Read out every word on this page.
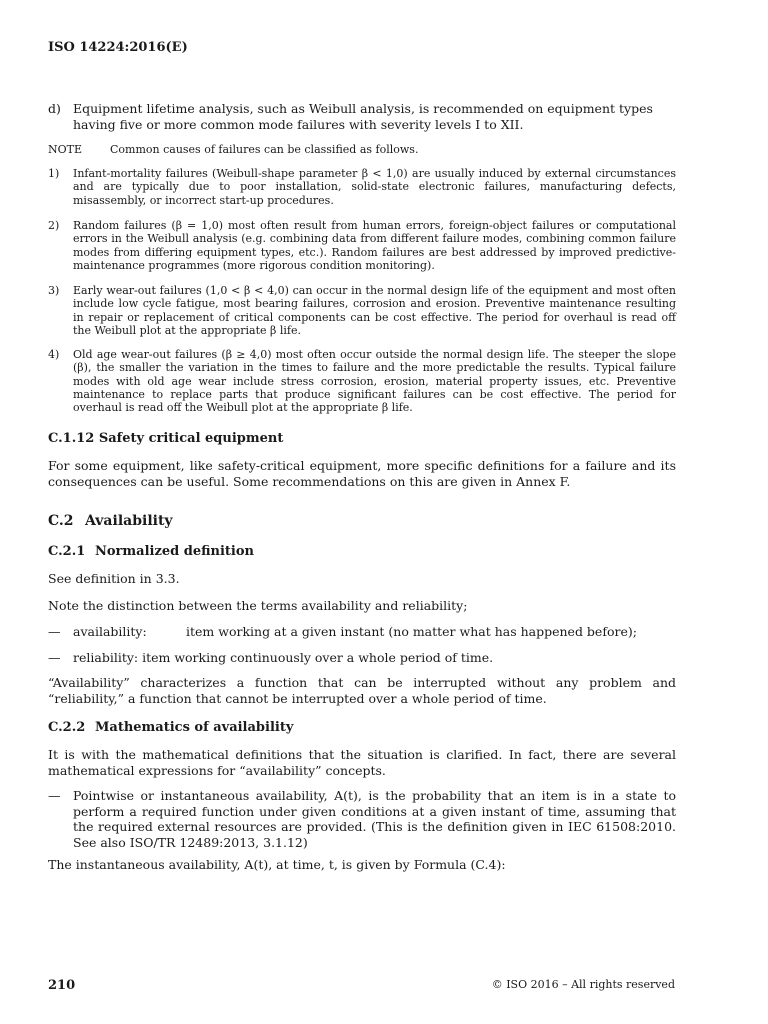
ISO 14224:2016(E)
d) Equipment lifetime analysis, such as Weibull analysis, is recommended on equipment types having five or more common mode failures with severity levels I to XII.
NOTE	Common causes of failures can be classified as follows.
1)	Infant-mortality failures (Weibull-shape parameter β < 1,0) are usually induced by external circumstances and are typically due to poor installation, solid-state electronic failures, manufacturing defects, misassembly, or incorrect start-up procedures.
2)	Random failures (β = 1,0) most often result from human errors, foreign-object failures or computational errors in the Weibull analysis (e.g. combining data from different failure modes, combining common failure modes from differing equipment types, etc.). Random failures are best addressed by improved predictive-maintenance programmes (more rigorous condition monitoring).
3)	Early wear-out failures (1,0 < β < 4,0) can occur in the normal design life of the equipment and most often include low cycle fatigue, most bearing failures, corrosion and erosion. Preventive maintenance resulting in repair or replacement of critical components can be cost effective. The period for overhaul is read off the Weibull plot at the appropriate β life.
4)	Old age wear-out failures (β ≥ 4,0) most often occur outside the normal design life. The steeper the slope (β), the smaller the variation in the times to failure and the more predictable the results. Typical failure modes with old age wear include stress corrosion, erosion, material property issues, etc. Preventive maintenance to replace parts that produce significant failures can be cost effective. The period for overhaul is read off the Weibull plot at the appropriate β life.
C.1.12 Safety critical equipment
For some equipment, like safety-critical equipment, more specific definitions for a failure and its consequences can be useful. Some recommendations on this are given in Annex F.
C.2 Availability
C.2.1 Normalized definition
See definition in 3.3.
Note the distinction between the terms availability and reliability;
—	availability:	item working at a given instant (no matter what has happened before);
—	reliability: item working continuously over a whole period of time.
“Availability” characterizes a function that can be interrupted without any problem and “reliability,” a function that cannot be interrupted over a whole period of time.
C.2.2 Mathematics of availability
It is with the mathematical definitions that the situation is clarified. In fact, there are several mathematical expressions for “availability” concepts.
—	Pointwise or instantaneous availability, A(t), is the probability that an item is in a state to perform a required function under given conditions at a given instant of time, assuming that the required external resources are provided. (This is the definition given in IEC 61508:2010. See also ISO/TR 12489:2013, 3.1.12)
The instantaneous availability, A(t), at time, t, is given by Formula (C.4):
210	© ISO 2016 – All rights reserved
